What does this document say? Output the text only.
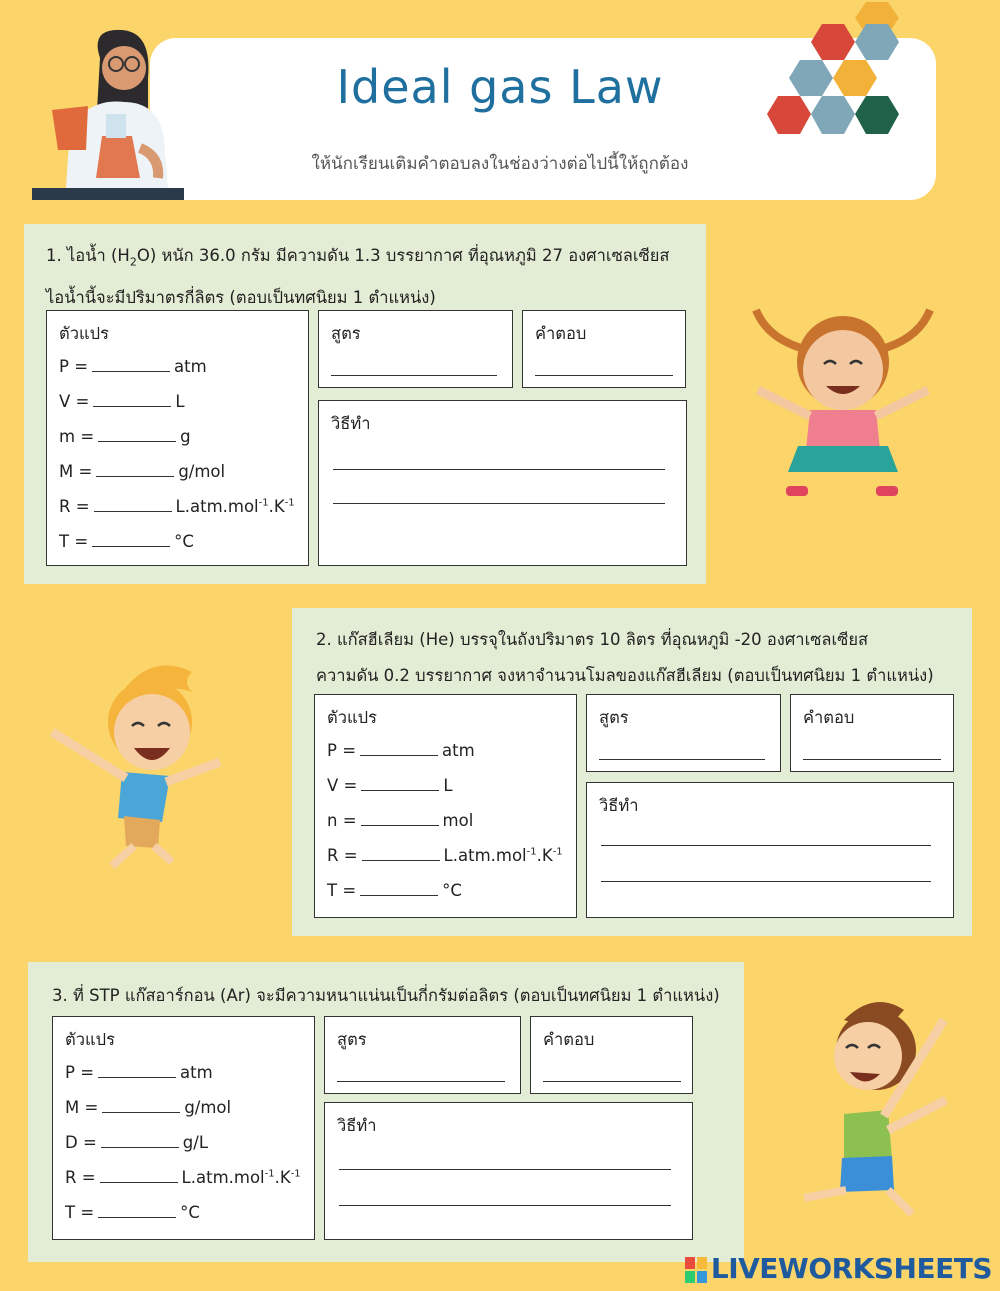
Ideal gas Law
ให้นักเรียนเติมคำตอบลงในช่องว่างต่อไปนี้ให้ถูกต้อง
1. ไอน้ำ $(H_2O)$ หนัก 36.0 กรัม มีความดัน 1.3 บรรยากาศ ที่อุณหภูมิ 27 องศาเซลเซียส
ไอน้ำนี้จะมีปริมาตรกี่ลิตร (ตอบเป็นทศนิยม 1 ตำแหน่ง)
ตัวแปร
P =	atm
V =	L
m =	g
M =	g/mol
R =	$L.atm.mol^{-1}.K^{-1}$
T =	°C
สูตร	คำตอบ
วิธีทำ
2. แก๊สฮีเลียม (He) บรรจุในถังปริมาตร 10 ลิตร ที่อุณหภูมิ -20 องศาเซลเซียส
ความดัน 0.2 บรรยากาศ จงหาจำนวนโมลของแก๊สฮีเลียม (ตอบเป็นทศนิยม 1 ตำแหน่ง)
ตัวแปร
P =	atm
V =	L
n =	mol
R =	$L.atm.mol^{-1}.K^{-1}$
T =	°C
สูตร	คำตอบ
วิธีทำ
3. ที่ STP แก๊สอาร์กอน (Ar) จะมีความหนาแน่นเป็นกี่กรัมต่อลิตร (ตอบเป็นทศนิยม 1 ตำแหน่ง)
ตัวแปร
P =	atm
M =	g/mol
D =	g/L
R =	$L.atm.mol^{-1}.K^{-1}$
T =	°C
สูตร	คำตอบ
วิธีทำ
LIVEWORKSHEETS
